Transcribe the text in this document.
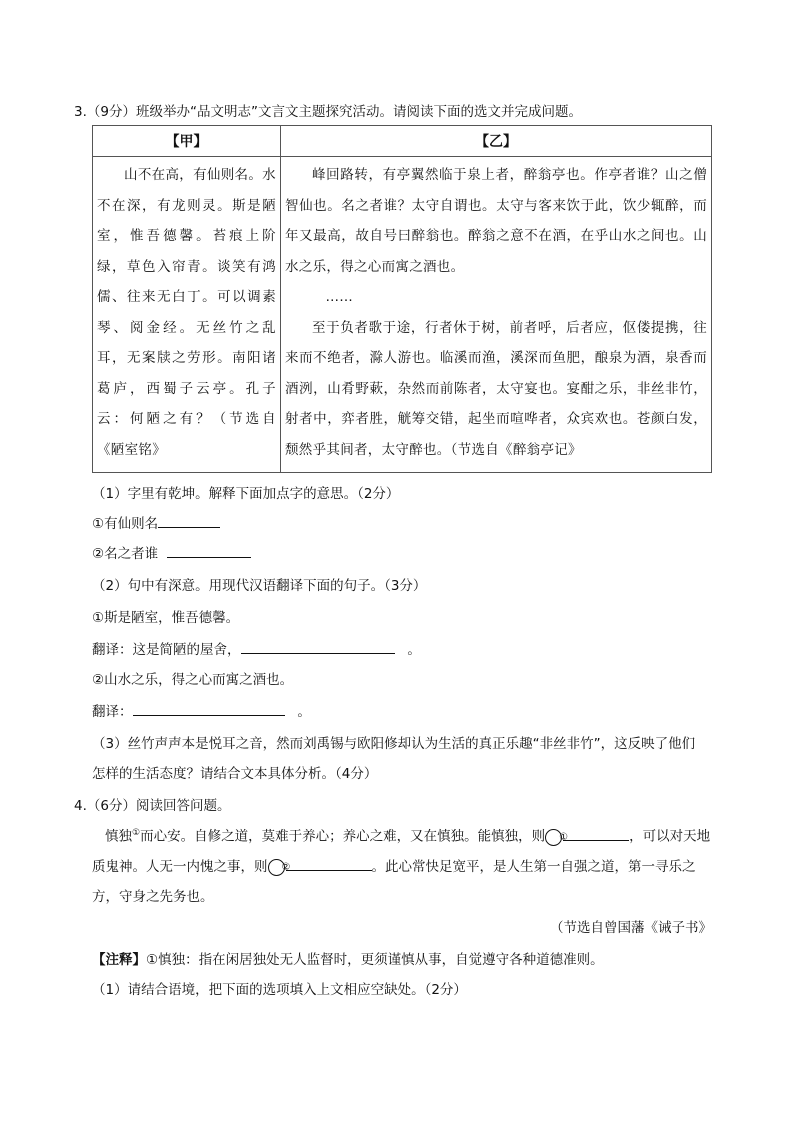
3.（9分）班级举办“品文明志”文言文主题探究活动。请阅读下面的选文并完成问题。
【甲】	【乙】

山不在高，有仙则名。水不在深，有龙则灵。斯是陋室，惟吾德馨。苔痕上阶绿，草色入帘青。谈笑有鸿儒、往来无白丁。可以调素琴、阅金经。无丝竹之乱耳，无案牍之劳形。南阳诸葛庐，西蜀子云亭。孔子云：何陋之有？（节选自《陋室铭》	峰回路转，有亭翼然临于泉上者，醉翁亭也。作亭者谁？山之僧智仙也。名之者谁？太守自谓也。太守与客来饮于此，饮少辄醉，而年又最高，故自号曰醉翁也。醉翁之意不在酒，在乎山水之间也。山水之乐，得之心而寓之酒也。

……

至于负者歌于途，行者休于树，前者呼，后者应，伛偻提携，往来而不绝者，滁人游也。临溪而渔，溪深而鱼肥，酿泉为酒，泉香而酒洌，山肴野蔌，杂然而前陈者，太守宴也。宴酣之乐，非丝非竹，射者中，弈者胜，觥筹交错，起坐而喧哗者，众宾欢也。苍颜白发，颓然乎其间者，太守醉也。（节选自《醉翁亭记》

（1）字里有乾坤。解释下面加点字的意思。（2分）
①有仙则名
②名之者谁
（2）句中有深意。用现代汉语翻译下面的句子。（3分）
①斯是陋室，惟吾德馨。
翻译：这是简陋的屋舍，	。
②山水之乐，得之心而寓之酒也。
翻译：	。
（3）丝竹声声本是悦耳之音，然而刘禹锡与欧阳修却认为生活的真正乐趣“非丝非竹”，这反映了他们
怎样的生活态度？请结合文本具体分析。（4分）
4.（6分）阅读回答问题。

慎独①而心安。自修之道，莫难于养心；养心之难，又在慎独。能慎独，则 ①	，可以对天地质鬼神。人无一内愧之事，则 ②	。此心常快足宽平，是人生第一自强之道，第一寻乐之方，守身之先务也。

（节选自曾国藩《诫子书》
【注释】①慎独：指在闲居独处无人监督时，更须谨慎从事，自觉遵守各种道德准则。
（1）请结合语境，把下面的选项填入上文相应空缺处。（2分）
